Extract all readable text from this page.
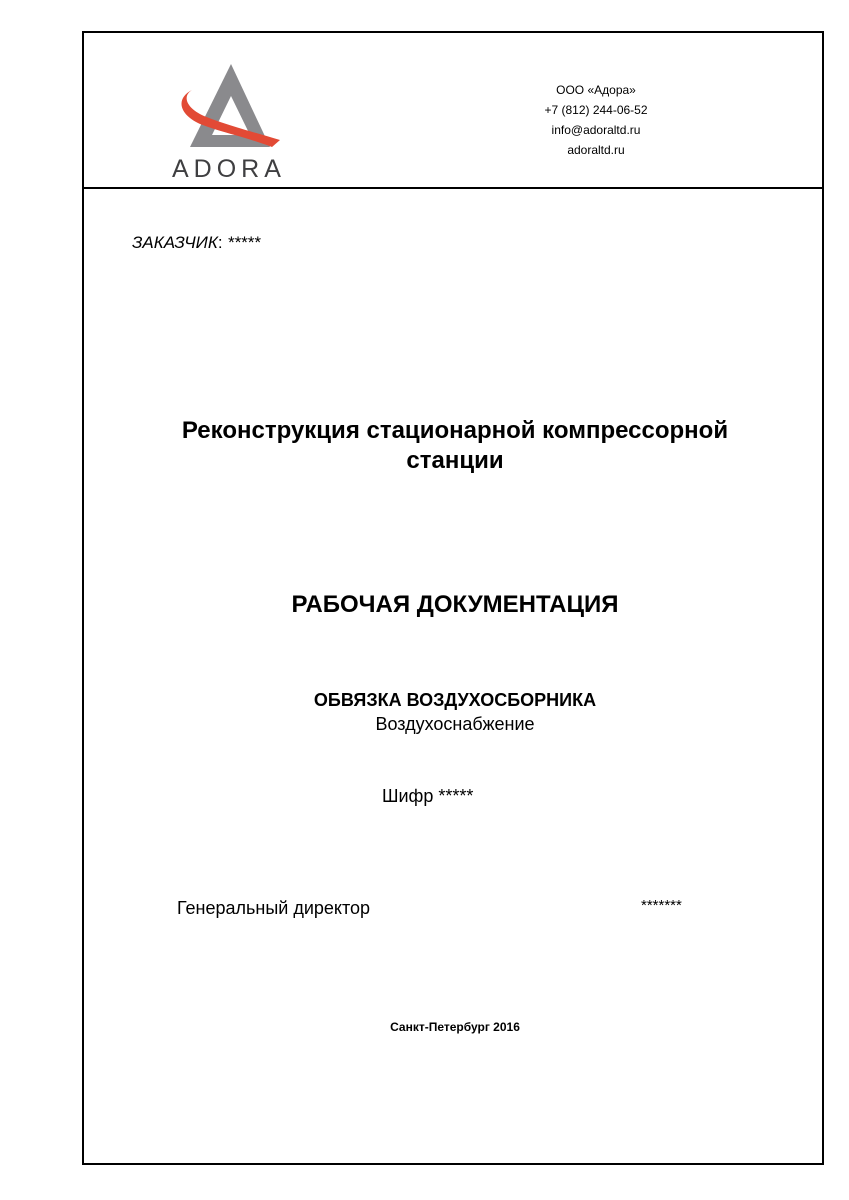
ADORA
ООО «Адора»
+7 (812) 244-06-52
info@adoraltd.ru
adoraltd.ru
ЗАКАЗЧИК: *****
Реконструкция стационарной компрессорной
станции
РАБОЧАЯ ДОКУМЕНТАЦИЯ
ОБВЯЗКА ВОЗДУХОСБОРНИКА
Воздухоснабжение
Шифр *****
Генеральный директор	*******
Санкт-Петербург 2016
